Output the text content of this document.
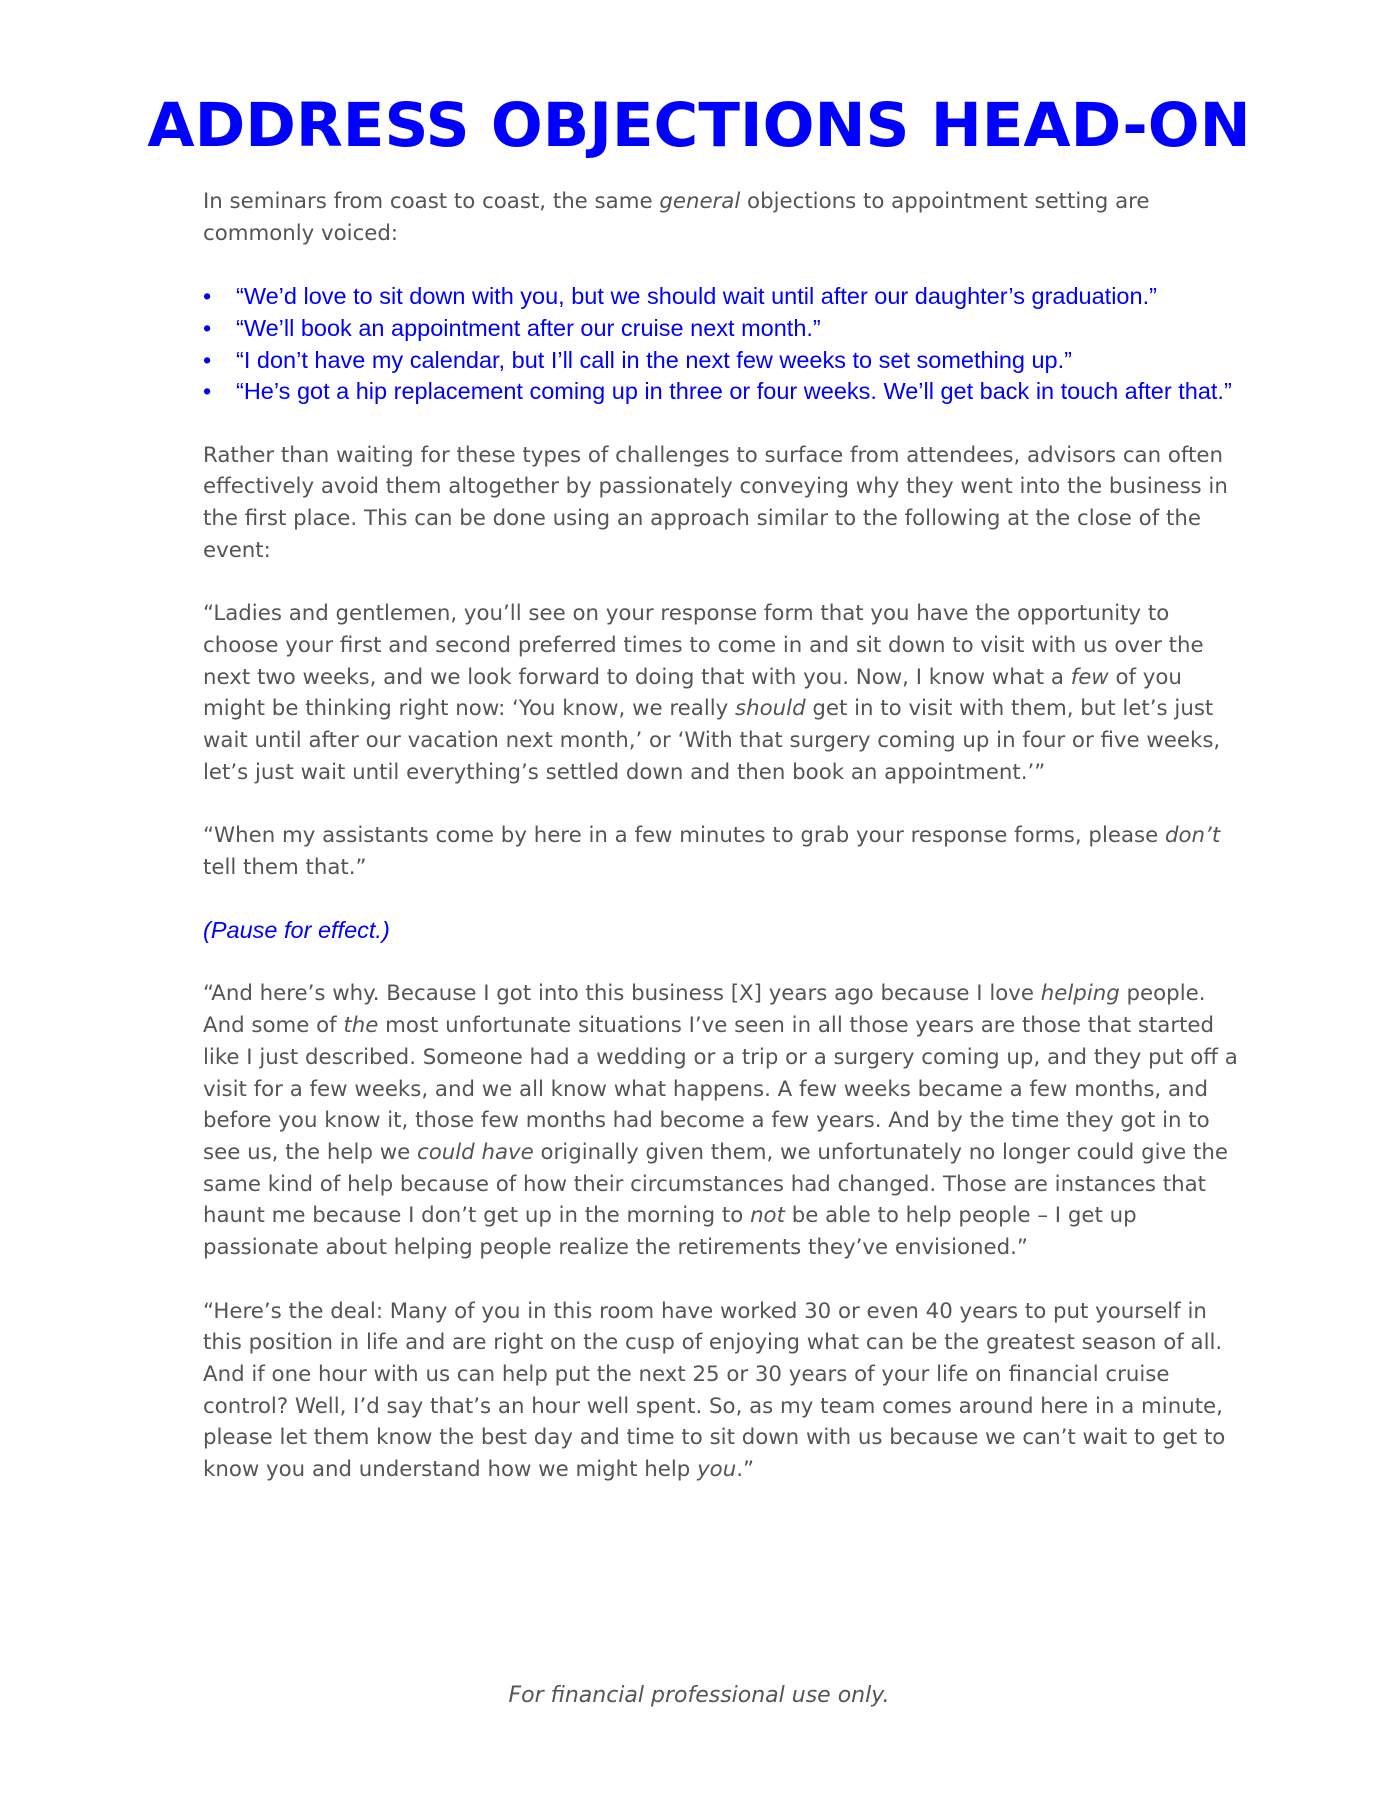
ADDRESS OBJECTIONS HEAD-ON

In seminars from coast to coast, the same general objections to appointment setting are commonly voiced:

• “We’d love to sit down with you, but we should wait until after our daughter’s graduation.”
• “We’ll book an appointment after our cruise next month.”
• “I don’t have my calendar, but I’ll call in the next few weeks to set something up.”
• “He’s got a hip replacement coming up in three or four weeks. We’ll get back in touch after that.”

Rather than waiting for these types of challenges to surface from attendees, advisors can often effectively avoid them altogether by passionately conveying why they went into the business in the first place. This can be done using an approach similar to the following at the close of the event:

“Ladies and gentlemen, you’ll see on your response form that you have the opportunity to choose your first and second preferred times to come in and sit down to visit with us over the next two weeks, and we look forward to doing that with you. Now, I know what a few of you might be thinking right now: ‘You know, we really should get in to visit with them, but let’s just wait until after our vacation next month,’ or ‘With that surgery coming up in four or five weeks, let’s just wait until everything’s settled down and then book an appointment.’”

“When my assistants come by here in a few minutes to grab your response forms, please don’t tell them that.”

(Pause for effect.)

“And here’s why. Because I got into this business [X] years ago because I love helping people. And some of the most unfortunate situations I’ve seen in all those years are those that started like I just described. Someone had a wedding or a trip or a surgery coming up, and they put off a visit for a few weeks, and we all know what happens. A few weeks became a few months, and before you know it, those few months had become a few years. And by the time they got in to see us, the help we could have originally given them, we unfortunately no longer could give the same kind of help because of how their circumstances had changed. Those are instances that haunt me because I don’t get up in the morning to not be able to help people – I get up passionate about helping people realize the retirements they’ve envisioned.”

“Here’s the deal: Many of you in this room have worked 30 or even 40 years to put yourself in this position in life and are right on the cusp of enjoying what can be the greatest season of all. And if one hour with us can help put the next 25 or 30 years of your life on financial cruise control? Well, I’d say that’s an hour well spent. So, as my team comes around here in a minute, please let them know the best day and time to sit down with us because we can’t wait to get to know you and understand how we might help you.”

For financial professional use only.
